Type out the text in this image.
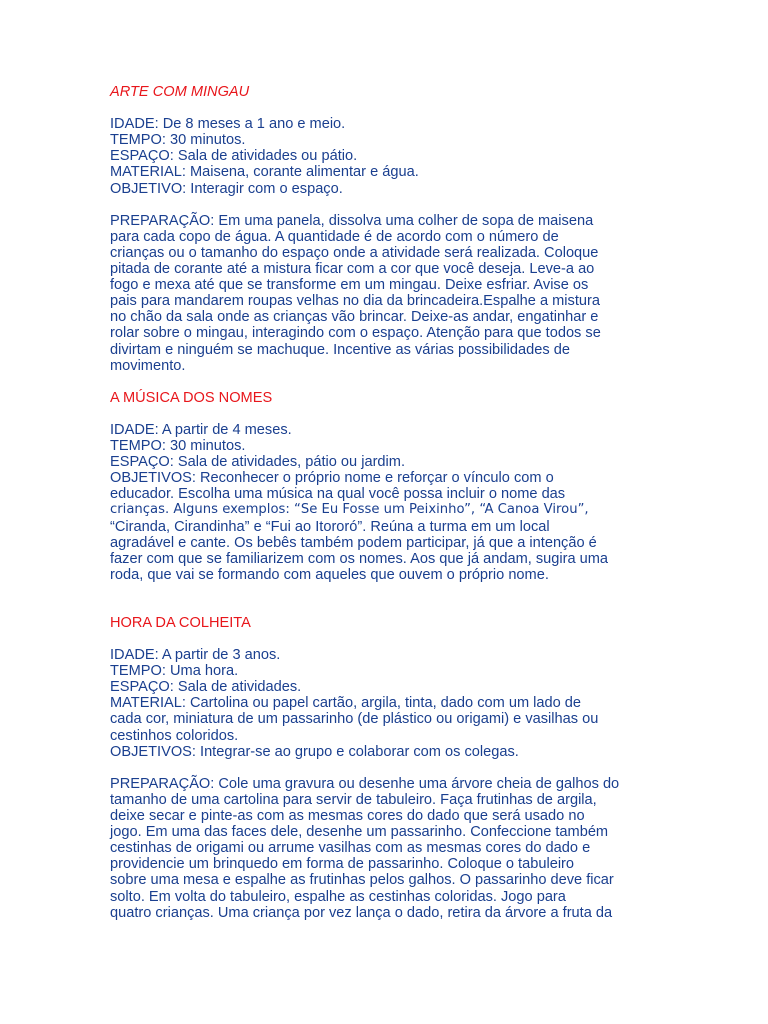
ARTE COM MINGAU

IDADE: De 8 meses a 1 ano e meio.
TEMPO: 30 minutos.
ESPAÇO: Sala de atividades ou pátio.
MATERIAL: Maisena, corante alimentar e água.
OBJETIVO: Interagir com o espaço.
PREPARAÇÃO: Em uma panela, dissolva uma colher de sopa de maisena
para cada copo de água. A quantidade é de acordo com o número de
crianças ou o tamanho do espaço onde a atividade será realizada. Coloque
pitada de corante até a mistura ficar com a cor que você deseja. Leve-a ao
fogo e mexa até que se transforme em um mingau. Deixe esfriar. Avise os
pais para mandarem roupas velhas no dia da brincadeira.Espalhe a mistura
no chão da sala onde as crianças vão brincar. Deixe-as andar, engatinhar e
rolar sobre o mingau, interagindo com o espaço. Atenção para que todos se
divirtam e ninguém se machuque. Incentive as várias possibilidades de
movimento.

A MÚSICA DOS NOMES

IDADE: A partir de 4 meses.
TEMPO: 30 minutos.
ESPAÇO: Sala de atividades, pátio ou jardim.
OBJETIVOS: Reconhecer o próprio nome e reforçar o vínculo com o
educador. Escolha uma música na qual você possa incluir o nome das
crianças. Alguns exemplos: “Se Eu Fosse um Peixinho”, “A Canoa Virou”,
“Ciranda, Cirandinha” e “Fui ao Itororó”. Reúna a turma em um local
agradável e cante. Os bebês também podem participar, já que a intenção é
fazer com que se familiarizem com os nomes. Aos que já andam, sugira uma
roda, que vai se formando com aqueles que ouvem o próprio nome.

HORA DA COLHEITA

IDADE: A partir de 3 anos.
TEMPO: Uma hora.
ESPAÇO: Sala de atividades.
MATERIAL: Cartolina ou papel cartão, argila, tinta, dado com um lado de
cada cor, miniatura de um passarinho (de plástico ou origami) e vasilhas ou
cestinhos coloridos.
OBJETIVOS: Integrar-se ao grupo e colaborar com os colegas.
PREPARAÇÃO: Cole uma gravura ou desenhe uma árvore cheia de galhos do
tamanho de uma cartolina para servir de tabuleiro. Faça frutinhas de argila,
deixe secar e pinte-as com as mesmas cores do dado que será usado no
jogo. Em uma das faces dele, desenhe um passarinho. Confeccione também
cestinhas de origami ou arrume vasilhas com as mesmas cores do dado e
providencie um brinquedo em forma de passarinho. Coloque o tabuleiro
sobre uma mesa e espalhe as frutinhas pelos galhos. O passarinho deve ficar
solto. Em volta do tabuleiro, espalhe as cestinhas coloridas. Jogo para
quatro crianças. Uma criança por vez lança o dado, retira da árvore a fruta da
